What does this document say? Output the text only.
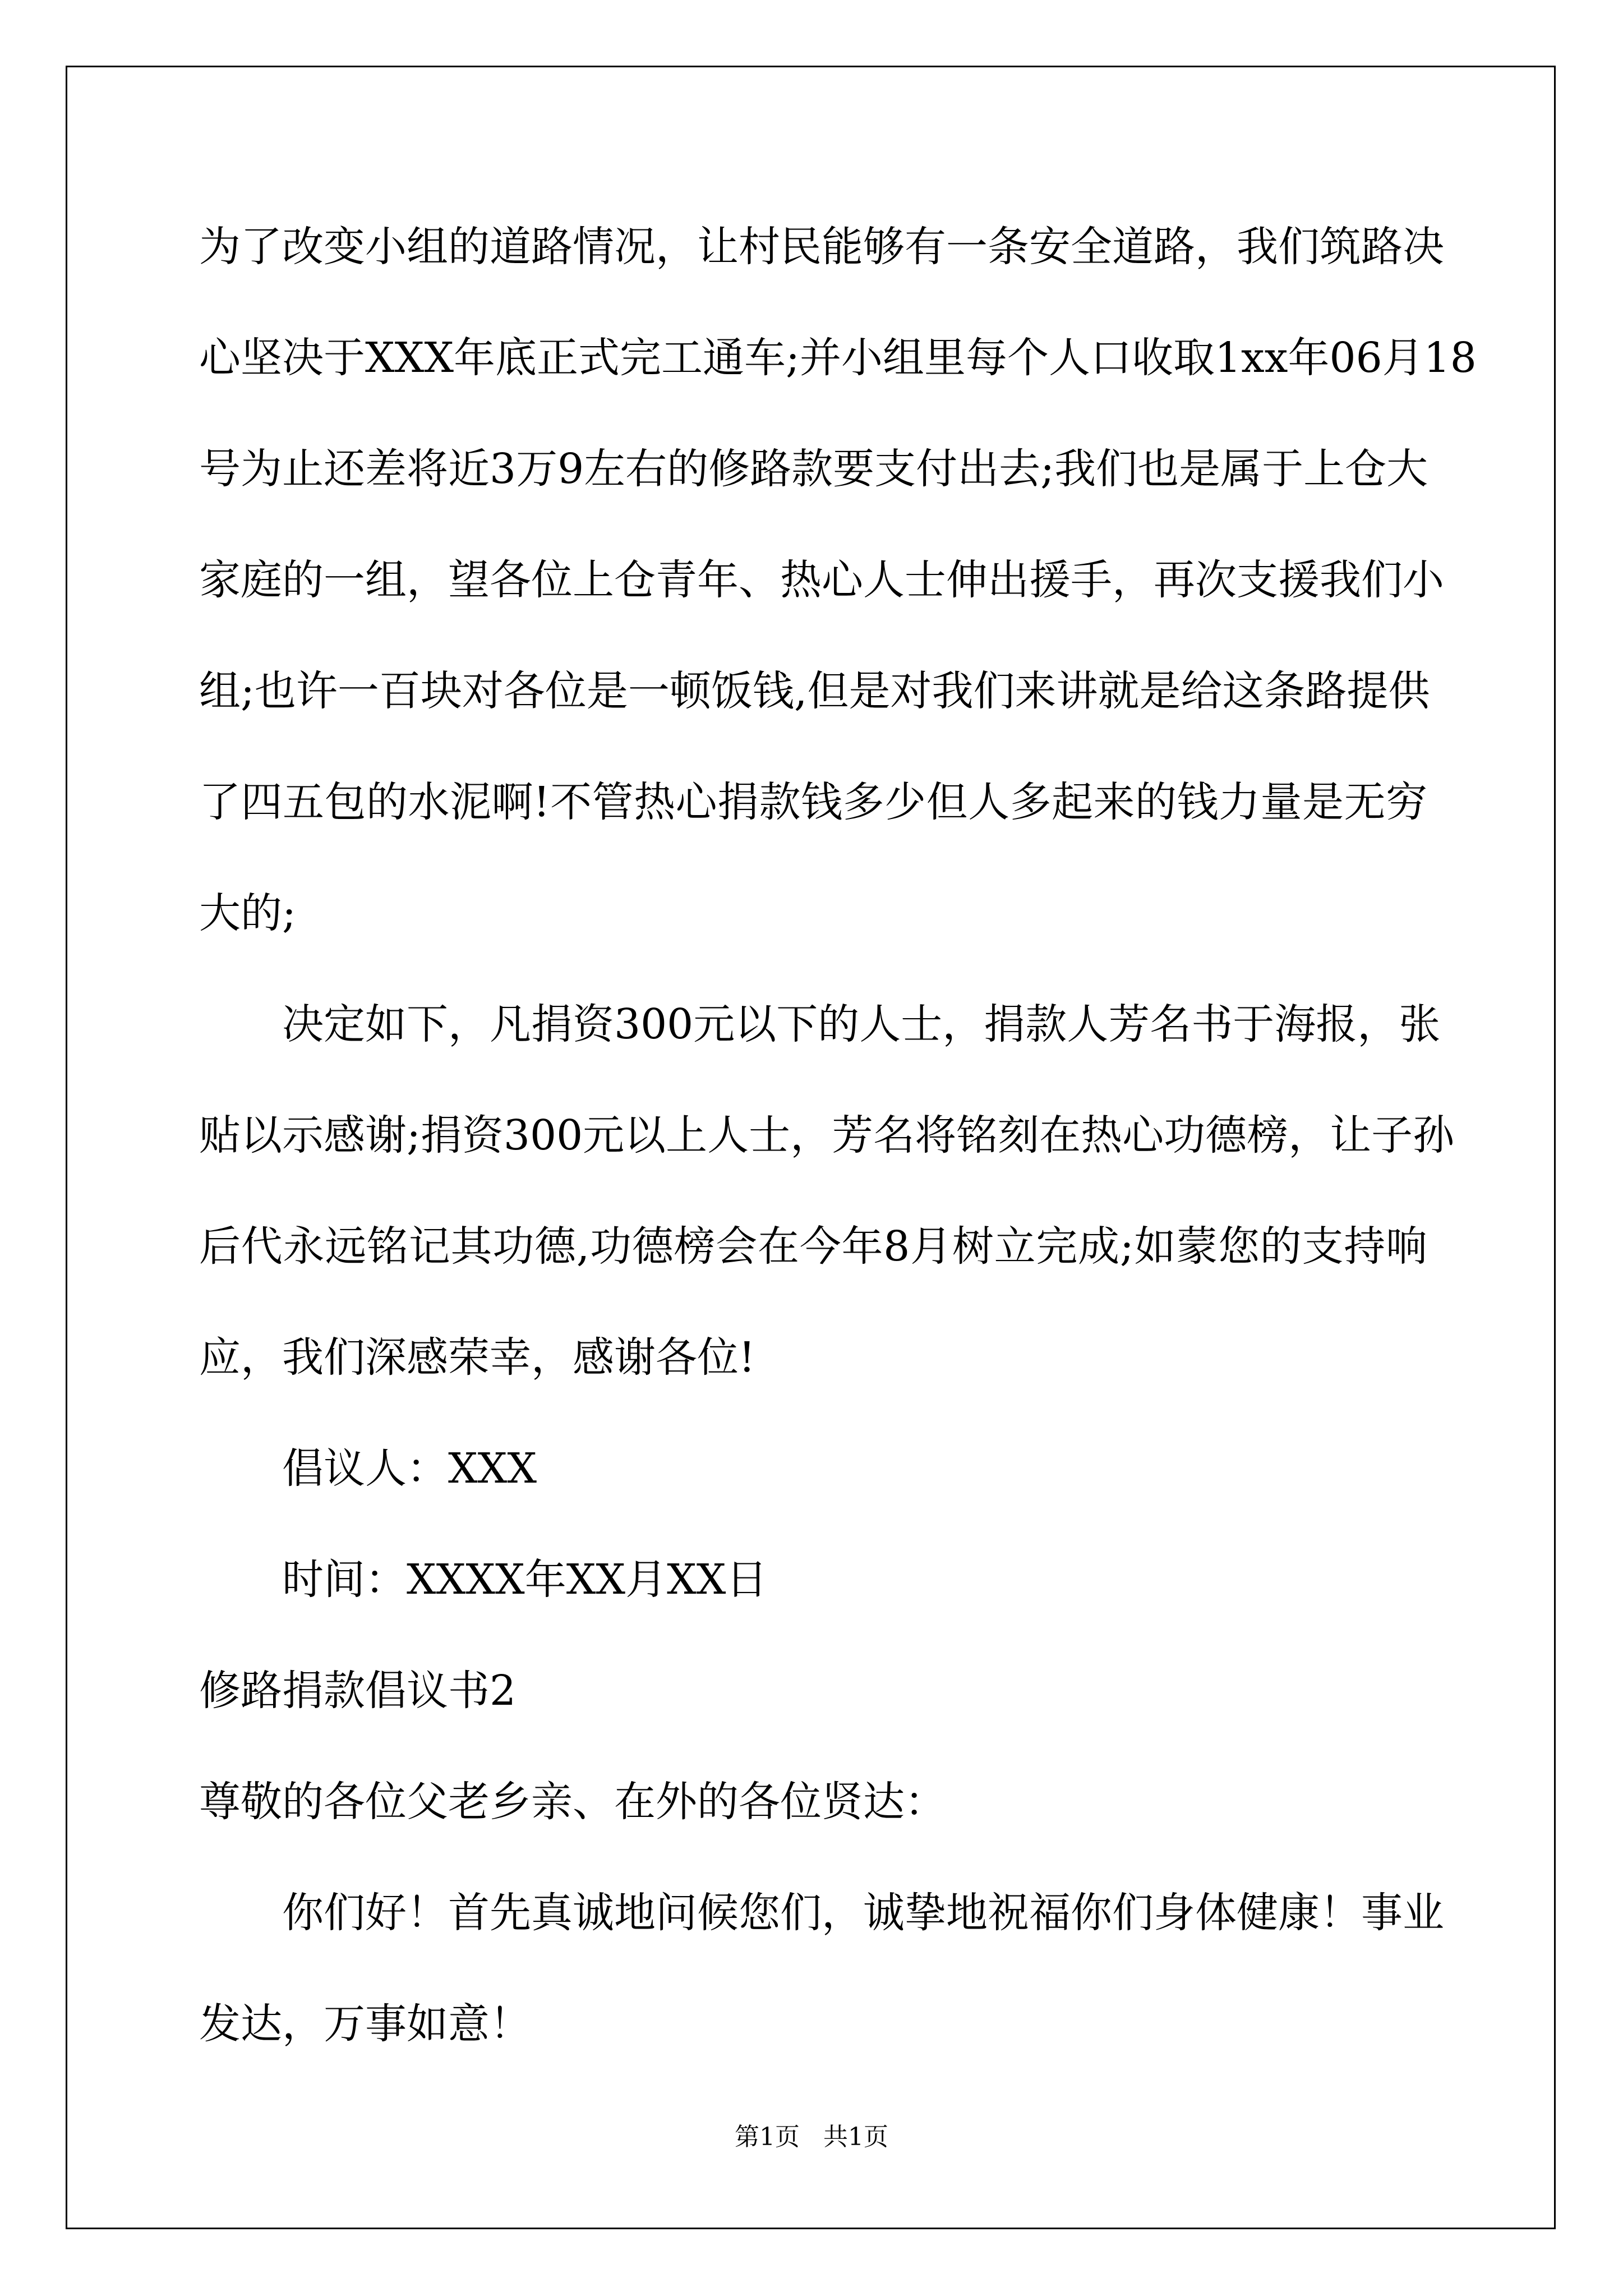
为了改变小组的道路情况，让村民能够有一条安全道路，我们筑路决
心坚决于XXX年底正式完工通车;并小组里每个人口收取1xx年06月18
号为止还差将近3万9左右的修路款要支付出去;我们也是属于上仓大
家庭的一组，望各位上仓青年、热心人士伸出援手，再次支援我们小
组;也许一百块对各位是一顿饭钱,但是对我们来讲就是给这条路提供
了四五包的水泥啊!不管热心捐款钱多少但人多起来的钱力量是无穷
大的;
决定如下，凡捐资300元以下的人士，捐款人芳名书于海报，张
贴以示感谢;捐资300元以上人士，芳名将铭刻在热心功德榜，让子孙
后代永远铭记其功德,功德榜会在今年8月树立完成;如蒙您的支持响
应，我们深感荣幸，感谢各位!
倡议人：XXX
时间：XXXX年XX月XX日
修路捐款倡议书2
尊敬的各位父老乡亲、在外的各位贤达：
你们好！首先真诚地问候您们，诚挚地祝福你们身体健康！事业
发达，万事如意！
第1页   共1页
